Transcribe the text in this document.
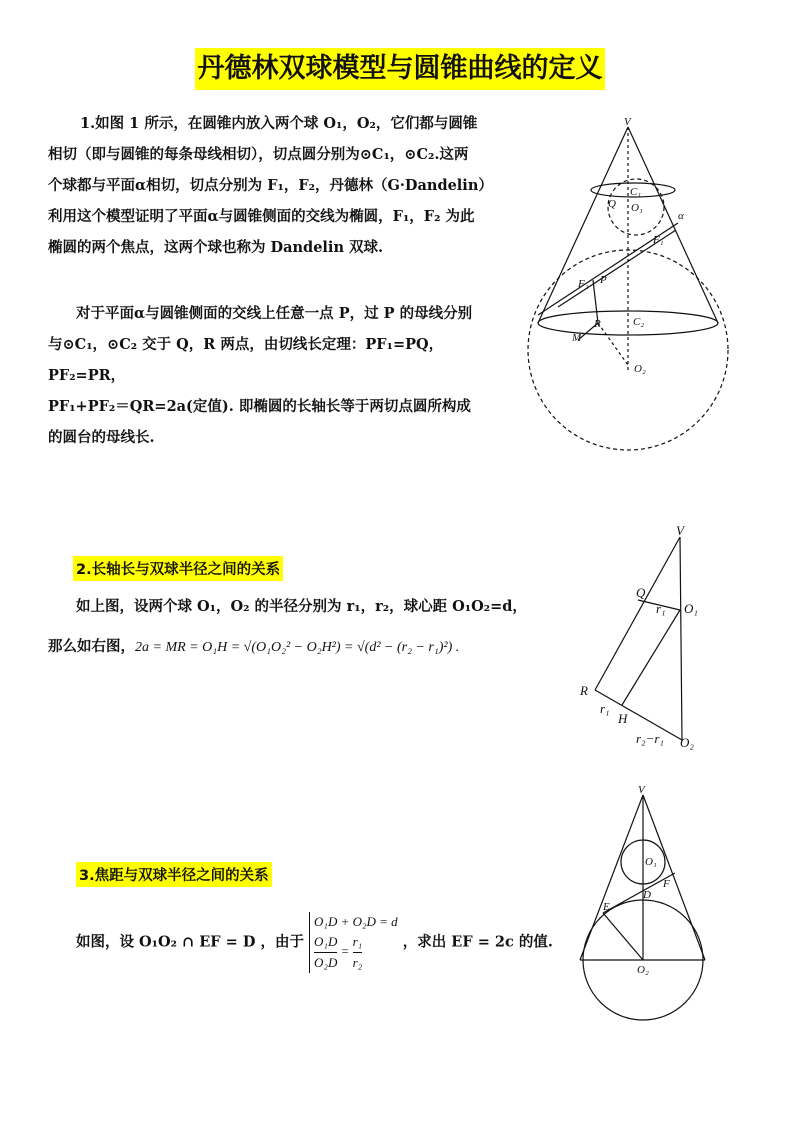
丹德林双球模型与圆锥曲线的定义
1.如图 1 所示，在圆锥内放入两个球 O₁，O₂，它们都与圆锥
相切（即与圆锥的每条母线相切），切点圆分别为⊙C₁，⊙C₂.这两
个球都与平面α相切，切点分别为 F₁，F₂，丹德林（G·Dandelin）
利用这个模型证明了平面α与圆锥侧面的交线为椭圆，F₁，F₂ 为此
椭圆的两个焦点，这两个球也称为 Dandelin 双球.
对于平面α与圆锥侧面的交线上任意一点 P，过 P 的母线分别
与⊙C₁，⊙C₂ 交于 Q，R 两点，由切线长定理：PF₁=PQ，PF₂=PR，
PF₁+PF₂＝QR=2a(定值). 即椭圆的长轴长等于两切点圆所构成
的圆台的母线长.
V
C₁
Q O₁
α
F₁
F₂ P
R	C₂
M
O₂
2.长轴长与双球半径之间的关系
如上图，设两个球 O₁，O₂ 的半径分别为 r₁，r₂，球心距 O₁O₂=d，
那么如右图，2a = MR = O₁H = √(O₁O₂² − O₂H²) = √(d² − (r₂ − r₁)²) .
V
Q
r₁ O₁
R
r₁
H
r₂−r₁ O₂
3.焦距与双球半径之间的关系
如图，设 O₁O₂ ∩ EF = D ，由于
O₁D + O₂D = d
$\frac{\text{O₁D}}{\text{O₂D}} = \frac{\text{r₁}}{\text{r₂}}$	，求出 EF = 2c 的值.
V
O₁
F
D
E
O₂
